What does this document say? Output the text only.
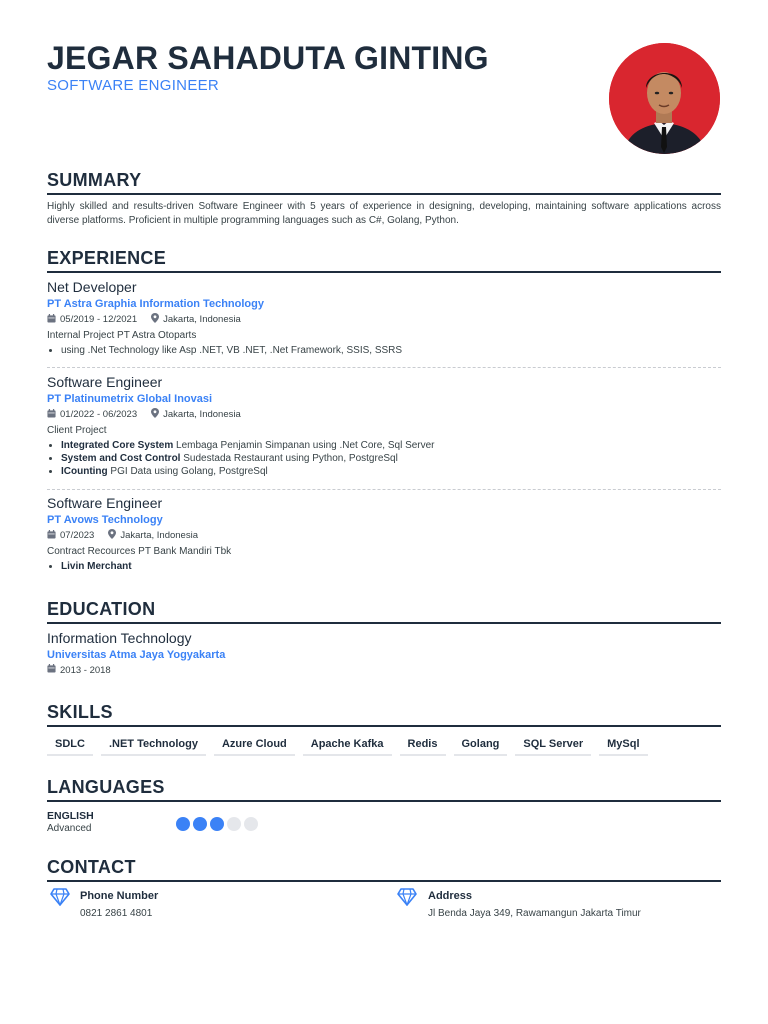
JEGAR SAHADUTA GINTING
SOFTWARE ENGINEER
SUMMARY
Highly skilled and results-driven Software Engineer with 5 years of experience in designing, developing, maintaining software applications across diverse platforms. Proficient in multiple programming languages such as C#, Golang, Python.
EXPERIENCE
Net Developer
PT Astra Graphia Information Technology
05/2019 - 12/2021	Jakarta, Indonesia
Internal Project PT Astra Otoparts
• using .Net Technology like Asp .NET, VB .NET, .Net Framework, SSIS, SSRS
Software Engineer
PT Platinumetrix Global Inovasi
01/2022 - 06/2023	Jakarta, Indonesia
Client Project
• Integrated Core System Lembaga Penjamin Simpanan using .Net Core, Sql Server
• System and Cost Control Sudestada Restaurant using Python, PostgreSql
• ICounting PGI Data using Golang, PostgreSql
Software Engineer
PT Avows Technology
07/2023	Jakarta, Indonesia
Contract Recources PT Bank Mandiri Tbk
• Livin Merchant
EDUCATION
Information Technology
Universitas Atma Jaya Yogyakarta
2013 - 2018
SKILLS
SDLC	.NET Technology	Azure Cloud	Apache Kafka	Redis	Golang	SQL Server	MySql
LANGUAGES
ENGLISH
Advanced
CONTACT
Phone Number
0821 2861 4801
Address
Jl Benda Jaya 349, Rawamangun Jakarta Timur
